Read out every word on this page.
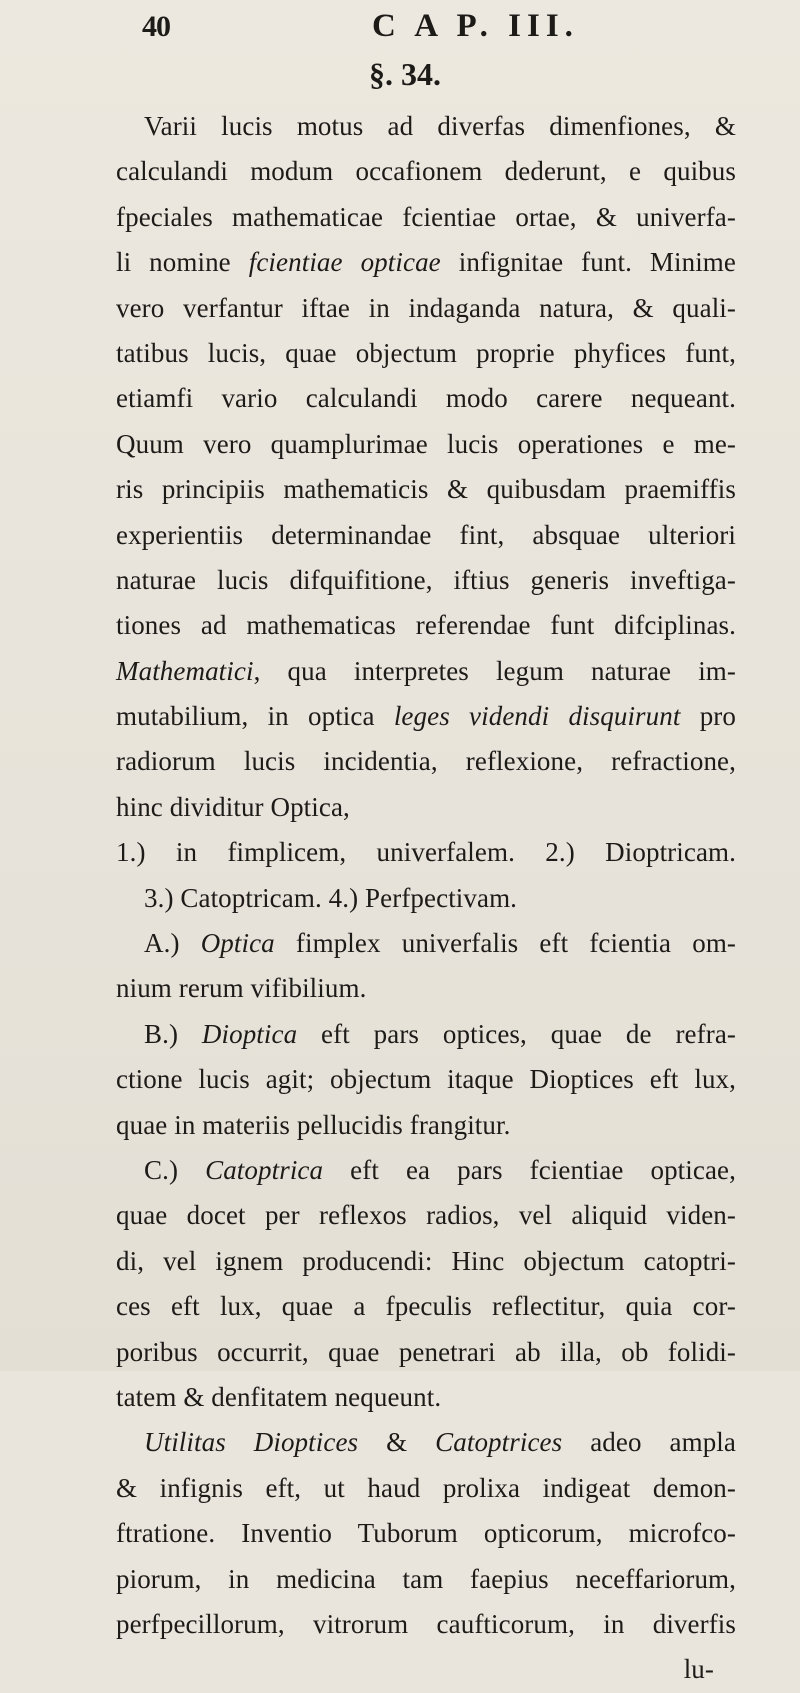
40	C A P. III.
§. 34.
Varii lucis motus ad diverfas dimenfiones, &
calculandi modum occafionem dederunt, e quibus
fpeciales mathematicae fcientiae ortae, & univerfa-
li nomine fcientiae opticae infignitae funt. Minime
vero verfantur iftae in indaganda natura, & quali-
tatibus lucis, quae objectum proprie phyfices funt,
etiamfi vario calculandi modo carere nequeant.
Quum vero quamplurimae lucis operationes e me-
ris principiis mathematicis & quibusdam praemiffis
experientiis determinandae fint, absquae ulteriori
naturae lucis difquifitione, iftius generis inveftiga-
tiones ad mathematicas referendae funt difciplinas.
Mathematici, qua interpretes legum naturae im-
mutabilium, in optica leges videndi disquirunt pro
radiorum lucis incidentia, reflexione, refractione,
hinc dividitur Optica,
1.) in fimplicem, univerfalem. 2.) Dioptricam.
3.) Catoptricam. 4.) Perfpectivam.
A.) Optica fimplex univerfalis eft fcientia om-
nium rerum vifibilium.
B.) Dioptica eft pars optices, quae de refra-
ctione lucis agit; objectum itaque Dioptices eft lux,
quae in materiis pellucidis frangitur.
C.) Catoptrica eft ea pars fcientiae opticae,
quae docet per reflexos radios, vel aliquid viden-
di, vel ignem producendi: Hinc objectum catoptri-
ces eft lux, quae a fpeculis reflectitur, quia cor-
poribus occurrit, quae penetrari ab illa, ob folidi-
tatem & denfitatem nequeunt.
Utilitas Dioptices & Catoptrices adeo ampla
& infignis eft, ut haud prolixa indigeat demon-
ftratione. Inventio Tuborum opticorum, microfco-
piorum, in medicina tam faepius neceffariorum,
perfpecillorum, vitrorum caufticorum, in diverfis
lu-
